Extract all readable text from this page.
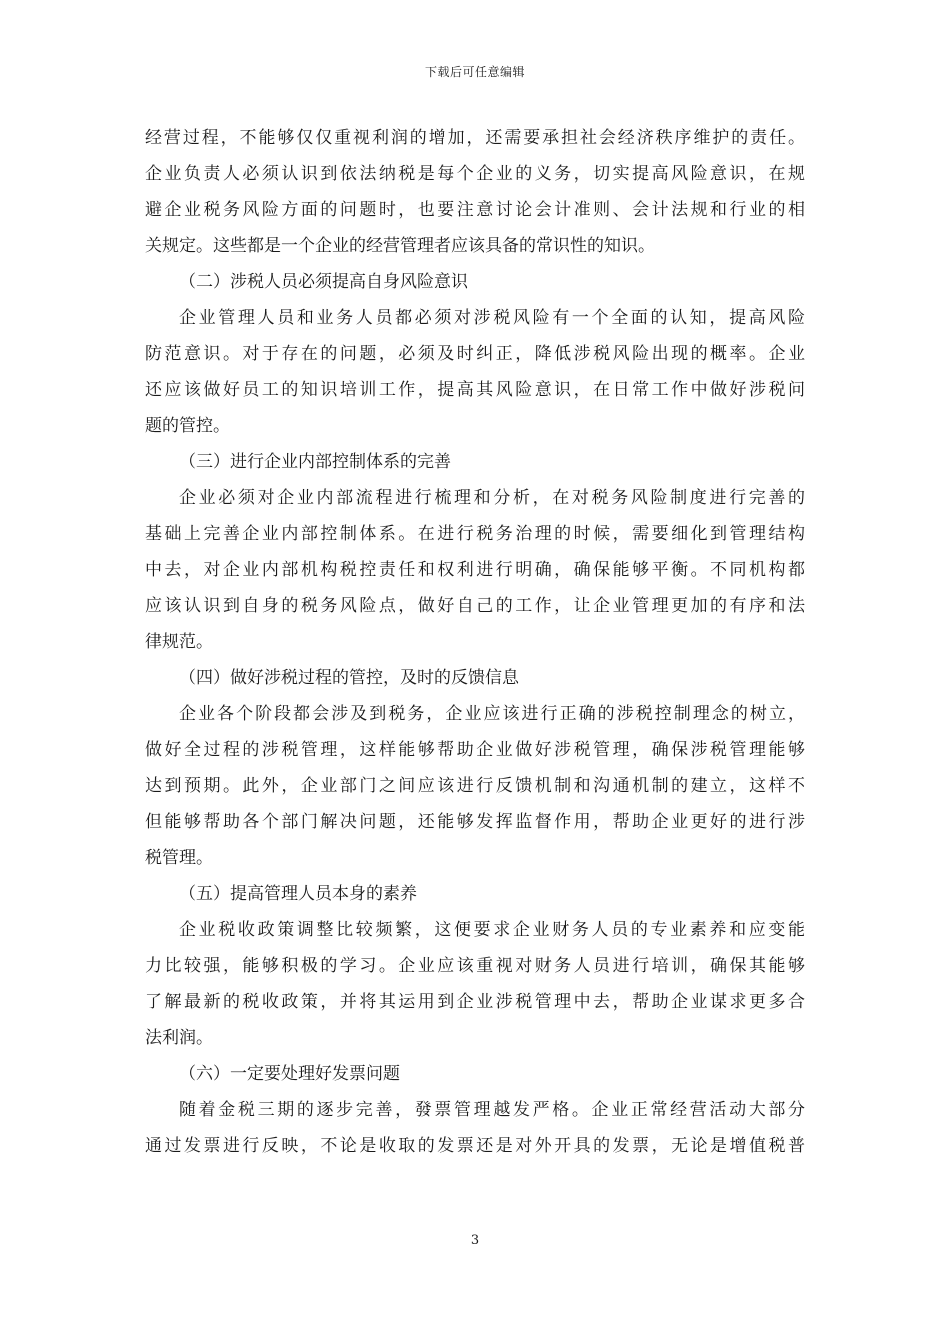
下载后可任意编辑
经营过程，不能够仅仅重视利润的增加，还需要承担社会经济秩序维护的责任。
企业负责人必须认识到依法纳税是每个企业的义务，切实提高风险意识，在规
避企业税务风险方面的问题时，也要注意讨论会计准则、会计法规和行业的相
关规定。这些都是一个企业的经营管理者应该具备的常识性的知识。
（二）涉税人员必须提高自身风险意识
企业管理人员和业务人员都必须对涉税风险有一个全面的认知，提高风险
防范意识。对于存在的问题，必须及时纠正，降低涉税风险出现的概率。企业
还应该做好员工的知识培训工作，提高其风险意识，在日常工作中做好涉税问
题的管控。
（三）进行企业内部控制体系的完善
企业必须对企业内部流程进行梳理和分析，在对税务风险制度进行完善的
基础上完善企业内部控制体系。在进行税务治理的时候，需要细化到管理结构
中去，对企业内部机构税控责任和权利进行明确，确保能够平衡。不同机构都
应该认识到自身的税务风险点，做好自己的工作，让企业管理更加的有序和法
律规范。
（四）做好涉税过程的管控，及时的反馈信息
企业各个阶段都会涉及到税务，企业应该进行正确的涉税控制理念的树立，
做好全过程的涉税管理，这样能够帮助企业做好涉税管理，确保涉税管理能够
达到预期。此外，企业部门之间应该进行反馈机制和沟通机制的建立，这样不
但能够帮助各个部门解决问题，还能够发挥监督作用，帮助企业更好的进行涉
税管理。
（五）提高管理人员本身的素养
企业税收政策调整比较频繁，这便要求企业财务人员的专业素养和应变能
力比较强，能够积极的学习。企业应该重视对财务人员进行培训，确保其能够
了解最新的税收政策，并将其运用到企业涉税管理中去，帮助企业谋求更多合
法利润。
（六）一定要处理好发票问题
随着金税三期的逐步完善，發票管理越发严格。企业正常经营活动大部分
通过发票进行反映，不论是收取的发票还是对外开具的发票，无论是增值税普
3
